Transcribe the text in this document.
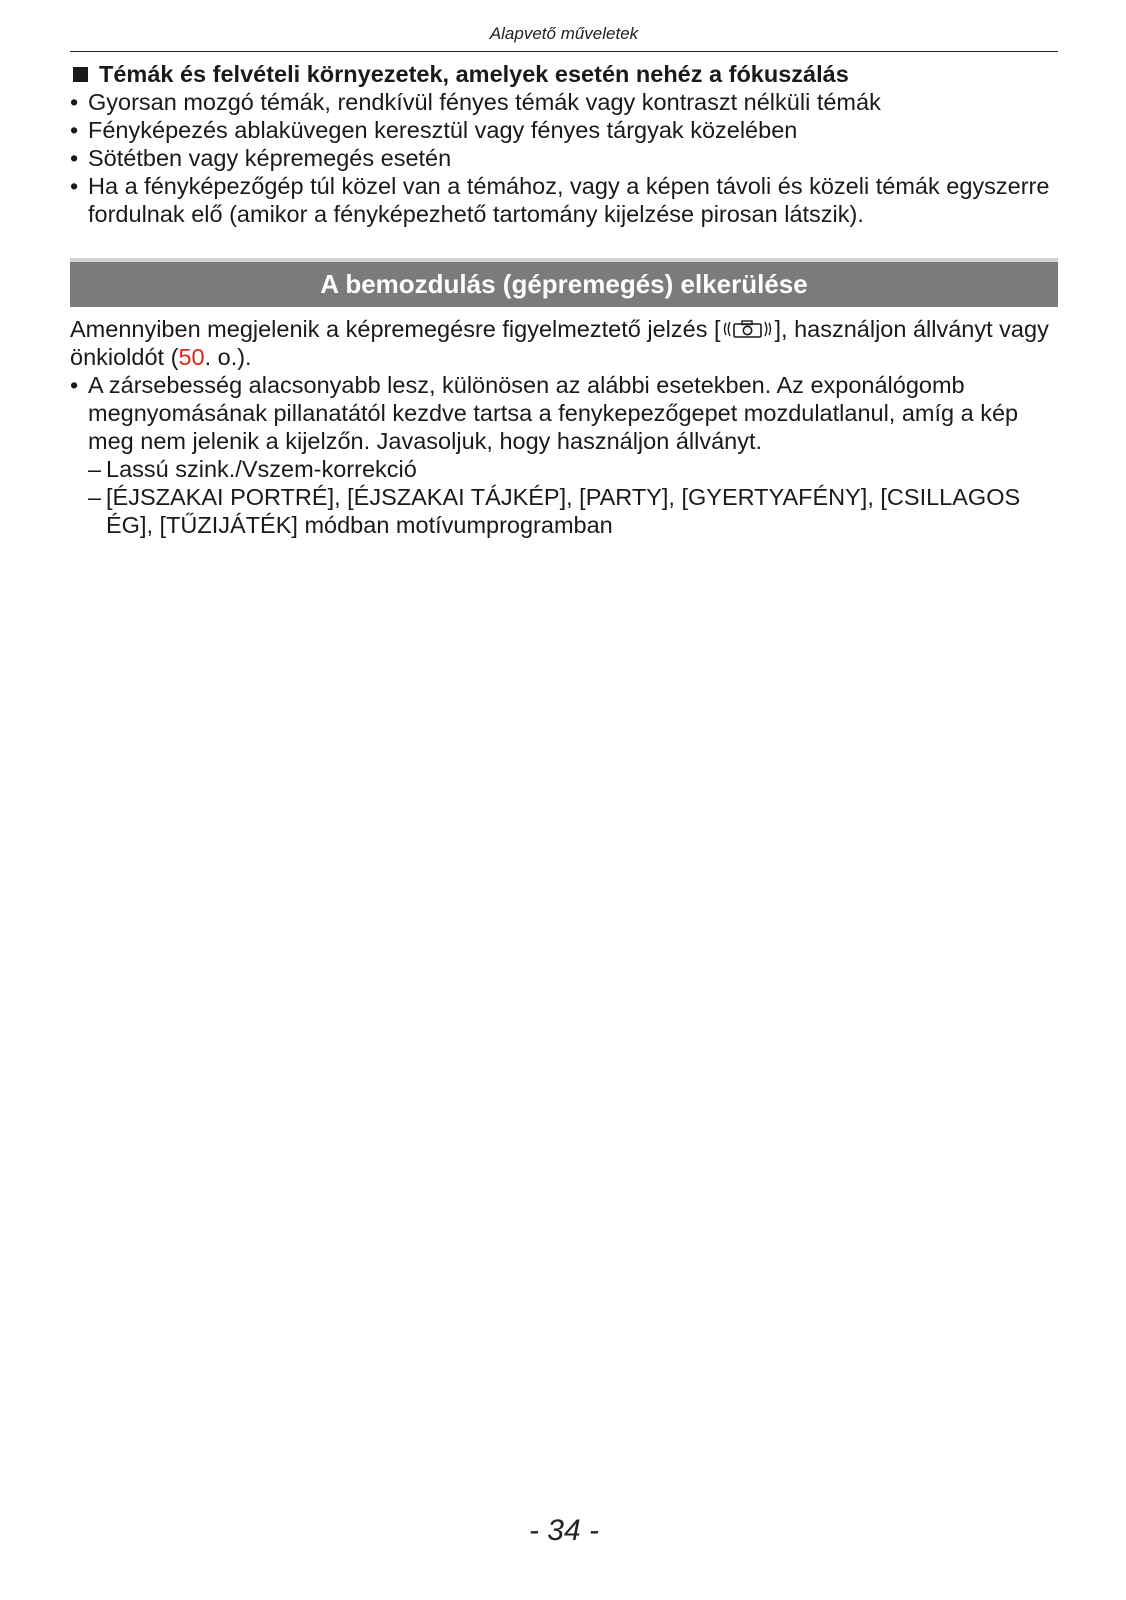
Alapvető műveletek
Témák és felvételi környezetek, amelyek esetén nehéz a fókuszálás
• Gyorsan mozgó témák, rendkívül fényes témák vagy kontraszt nélküli témák
• Fényképezés ablaküvegen keresztül vagy fényes tárgyak közelében
• Sötétben vagy képremegés esetén
• Ha a fényképezőgép túl közel van a témához, vagy a képen távoli és közeli témák egyszerre fordulnak elő (amikor a fényképezhető tartomány kijelzése pirosan látszik).
A bemozdulás (gépremegés) elkerülése
Amennyiben megjelenik a képremegésre figyelmeztető jelzés [ ], használjon állványt vagy önkioldót (50. o.).
• A zársebesség alacsonyabb lesz, különösen az alábbi esetekben. Az exponálógomb megnyomásának pillanatától kezdve tartsa a fenykepezőgepet mozdulatlanul, amíg a kép meg nem jelenik a kijelzőn. Javasoljuk, hogy használjon állványt.
– Lassú szink./Vszem-korrekció
– [ÉJSZAKAI PORTRÉ], [ÉJSZAKAI TÁJKÉP], [PARTY], [GYERTYAFÉNY], [CSILLAGOS ÉG], [TŰZIJÁTÉK] módban motívumprogramban
- 34 -
